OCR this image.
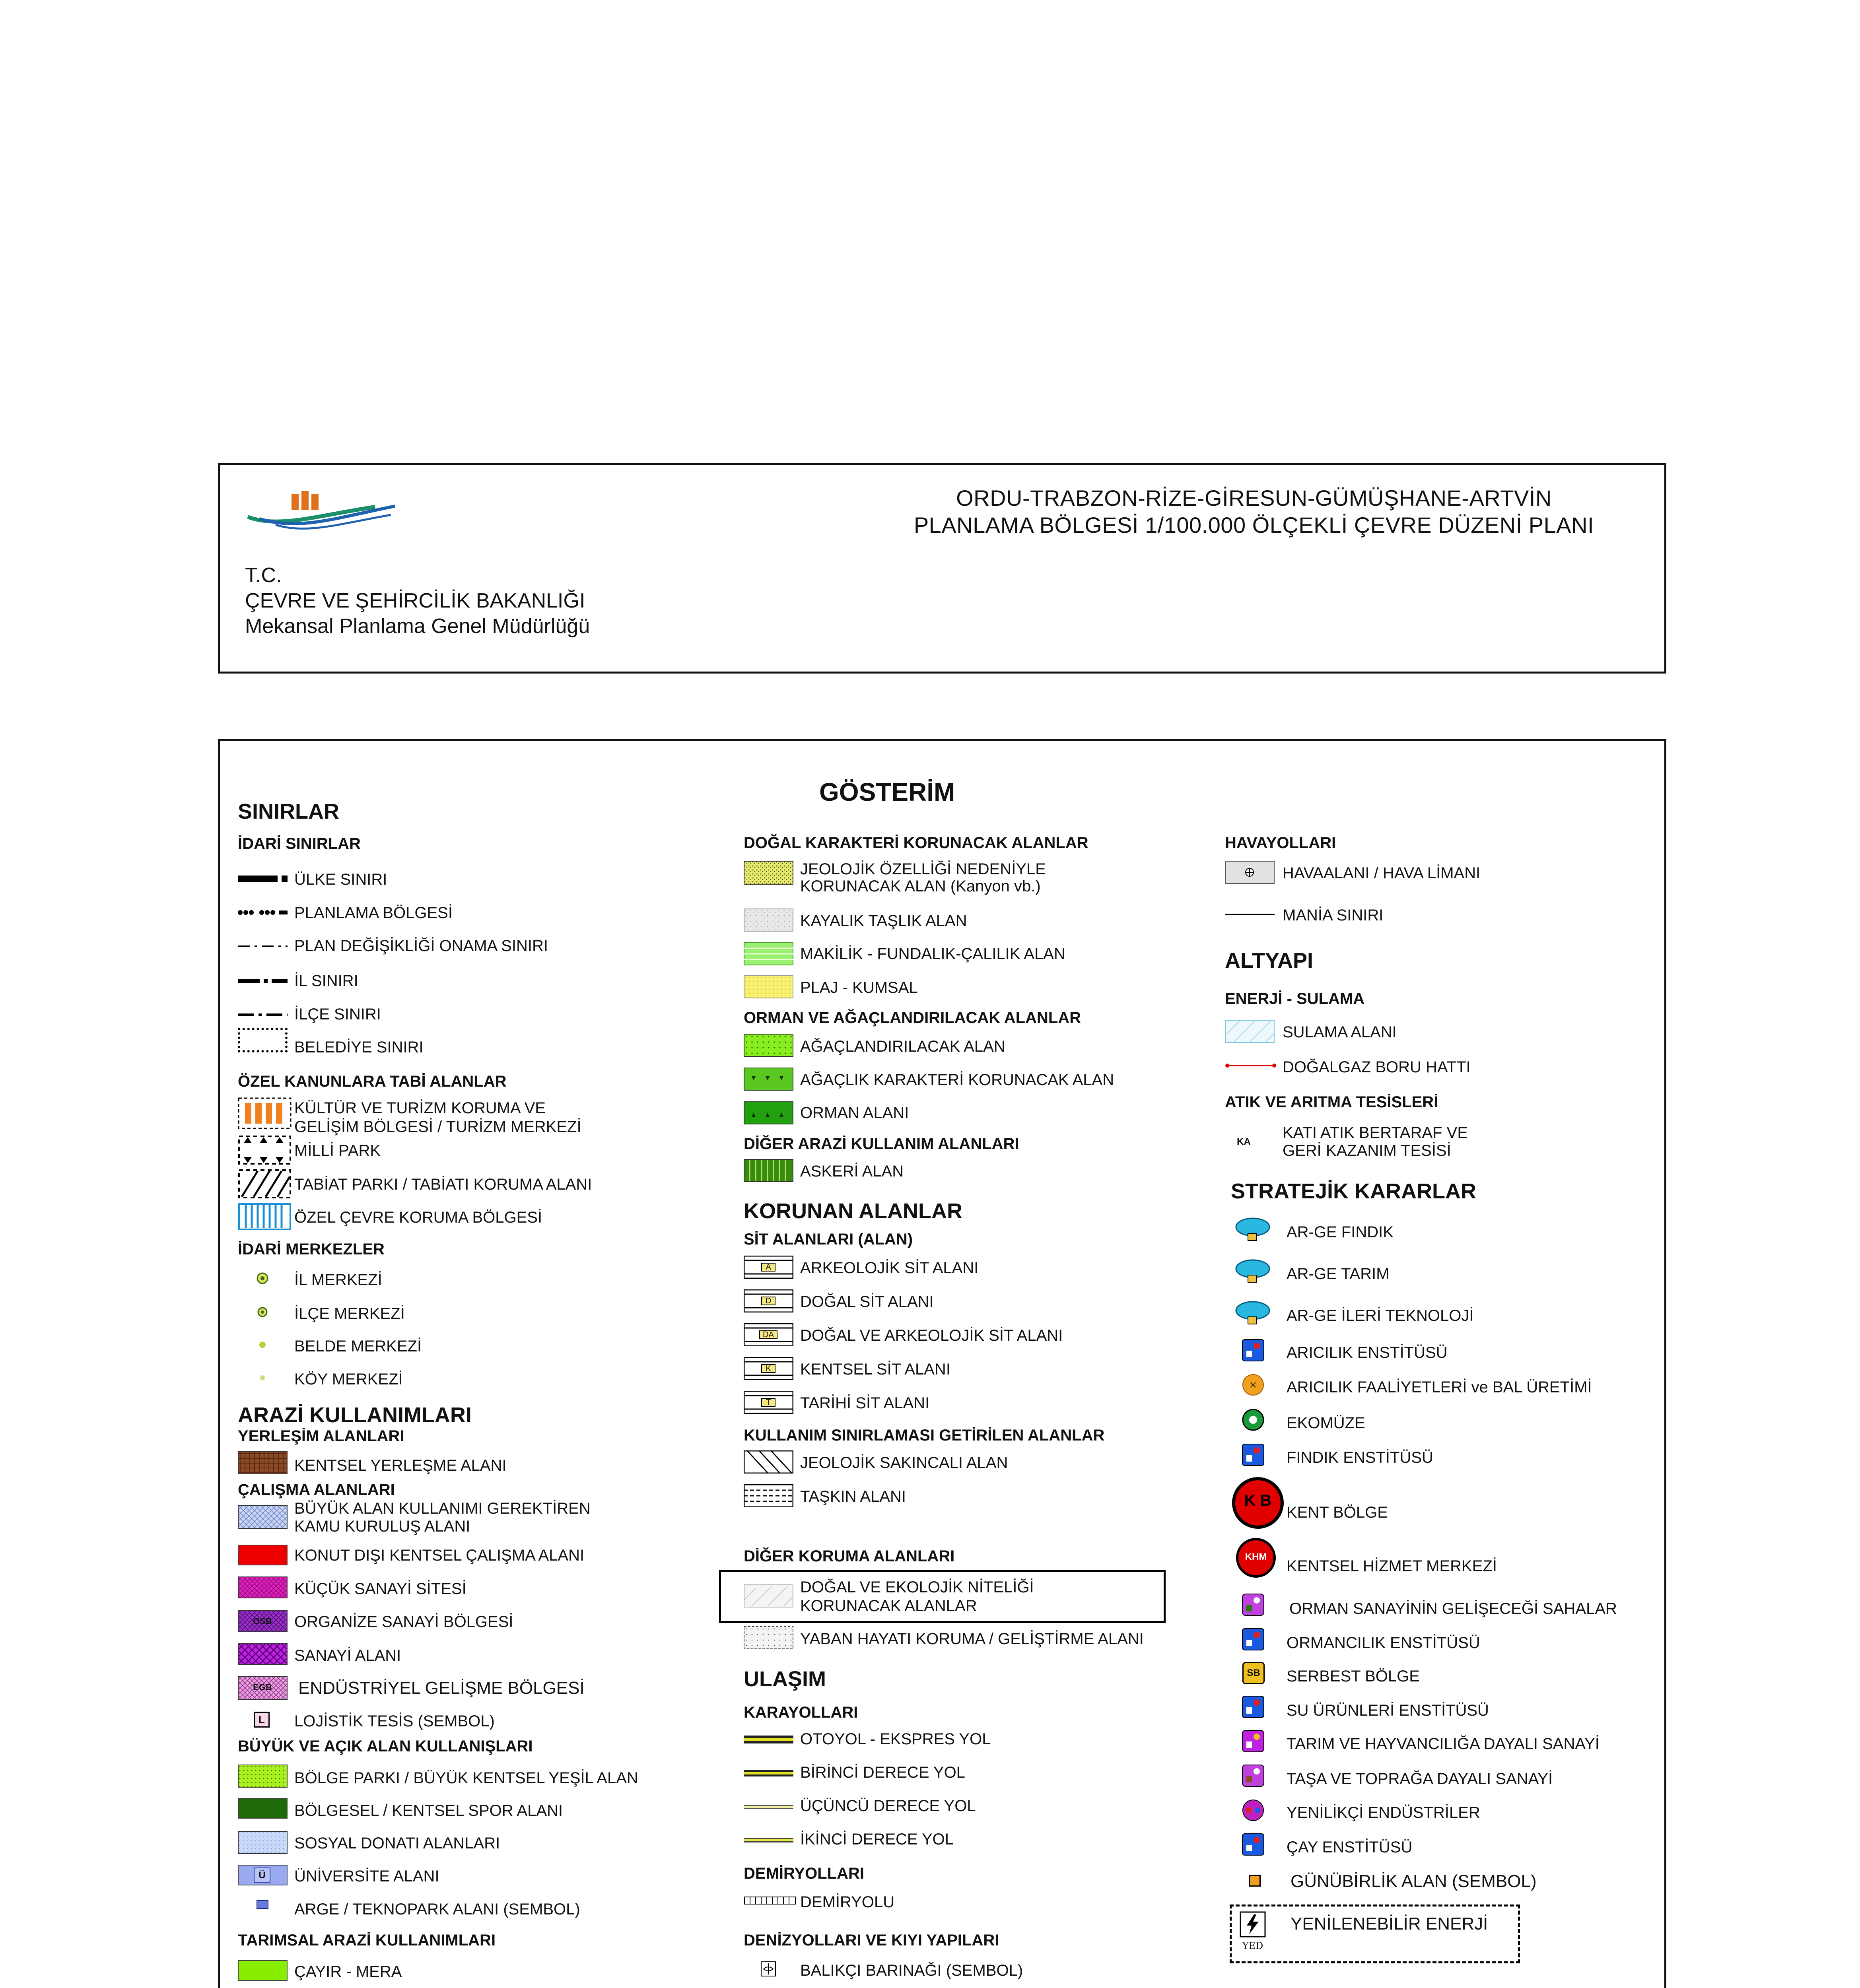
ORDU-TRABZON-RİZE-GİRESUN-GÜMÜŞHANE-ARTVİN
PLANLAMA BÖLGESİ 1/100.000 ÖLÇEKLİ ÇEVRE DÜZENİ PLANI
T.C.
ÇEVRE VE ŞEHİRCİLİK BAKANLIĞI
Mekansal Planlama Genel Müdürlüğü
GÖSTERİM
SINIRLAR
İDARİ SINIRLAR
ÜLKE SINIRI
PLANLAMA BÖLGESİ
PLAN DEĞİŞİKLİĞİ ONAMA SINIRI
İL SINIRI
İLÇE SINIRI
BELEDİYE SINIRI
ÖZEL KANUNLARA TABİ ALANLAR
KÜLTÜR VE TURİZM KORUMA VE
GELİŞİM BÖLGESİ / TURİZM MERKEZİ
MİLLİ PARK
TABİAT PARKI / TABİATI KORUMA ALANI
ÖZEL ÇEVRE KORUMA BÖLGESİ
İDARİ MERKEZLER
İL MERKEZİ
İLÇE MERKEZİ
BELDE MERKEZİ
KÖY MERKEZİ
ARAZİ KULLANIMLARI
YERLEŞİM ALANLARI
KENTSEL YERLEŞME ALANI
ÇALIŞMA ALANLARI
BÜYÜK ALAN KULLANIMI GEREKTİREN
KAMU KURULUŞ ALANI
KONUT DIŞI KENTSEL ÇALIŞMA ALANI
KÜÇÜK SANAYİ SİTESİ
OSB ORGANİZE SANAYİ BÖLGESİ
SANAYİ ALANI
EGB ENDÜSTRİYEL GELİŞME BÖLGESİ
L	LOJİSTİK TESİS (SEMBOL)
BÜYÜK VE AÇIK ALAN KULLANIŞLARI
BÖLGE PARKI / BÜYÜK KENTSEL YEŞİL ALAN
BÖLGESEL / KENTSEL SPOR ALANI
SOSYAL DONATI ALANLARI
Ü	ÜNİVERSİTE ALANI
ARGE / TEKNOPARK ALANI (SEMBOL)
TARIMSAL ARAZİ KULLANIMLARI
ÇAYIR - MERA
DOĞAL KARAKTERİ KORUNACAK ALANLAR
JEOLOJİK ÖZELLİĞİ NEDENİYLE
KORUNACAK ALAN (Kanyon vb.)
KAYALIK TAŞLIK ALAN
MAKİLİK - FUNDALIK-ÇALILIK ALAN
PLAJ - KUMSAL
ORMAN VE AĞAÇLANDIRILACAK ALANLAR
AĞAÇLANDIRILACAK ALAN
AĞAÇLIK KARAKTERİ KORUNACAK ALAN
ORMAN ALANI
DİĞER ARAZİ KULLANIM ALANLARI
ASKERİ ALAN
KORUNAN ALANLAR
SİT ALANLARI (ALAN)
A ARKEOLOJİK SİT ALANI
D DOĞAL SİT ALANI
DA DOĞAL VE ARKEOLOJİK SİT ALANI
K KENTSEL SİT ALANI
T TARİHİ SİT ALANI
KULLANIM SINIRLAMASI GETİRİLEN ALANLAR
JEOLOJİK SAKINCALI ALAN
TAŞKIN ALANI
DİĞER KORUMA ALANLARI
DOĞAL VE EKOLOJİK NİTELİĞİ
KORUNACAK ALANLAR
YABAN HAYATI KORUMA / GELİŞTİRME ALANI
ULAŞIM
KARAYOLLARI
OTOYOL - EKSPRES YOL
BİRİNCİ DERECE YOL
ÜÇÜNCÜ DERECE YOL
İKİNCİ DERECE YOL
DEMİRYOLLARI
DEMİRYOLU
DENİZYOLLARI VE KIYI YAPILARI
BALIKÇI BARINAĞI (SEMBOL)
HAVAYOLLARI
HAVAALANI / HAVA LİMANI
MANİA SINIRI
ALTYAPI
ENERJİ - SULAMA
SULAMA ALANI
DOĞALGAZ BORU HATTI
ATIK VE ARITMA TESİSLERİ
KA
KATI ATIK BERTARAF VE
GERİ KAZANIM TESİSİ
STRATEJİK KARARLAR
AR-GE FINDIK
AR-GE TARIM
AR-GE İLERİ TEKNOLOJİ
ARICILIK ENSTİTÜSÜ
✕ ARICILIK FAALİYETLERİ ve BAL ÜRETİMİ
EKOMÜZE
FINDIK ENSTİTÜSÜ
K B
KENT BÖLGE
KHM
KENTSEL HİZMET MERKEZİ
ORMAN SANAYİNİN GELİŞECEĞİ SAHALAR
ORMANCILIK ENSTİTÜSÜ
SB SERBEST BÖLGE
SU ÜRÜNLERİ ENSTİTÜSÜ
TARIM VE HAYVANCILIĞA DAYALI SANAYİ
TAŞA VE TOPRAĞA DAYALI SANAYİ
YENİLİKÇİ ENDÜSTRİLER
ÇAY ENSTİTÜSÜ
GÜNÜBİRLİK ALAN (SEMBOL)
YED
YENİLENEBİLİR ENERJİ
